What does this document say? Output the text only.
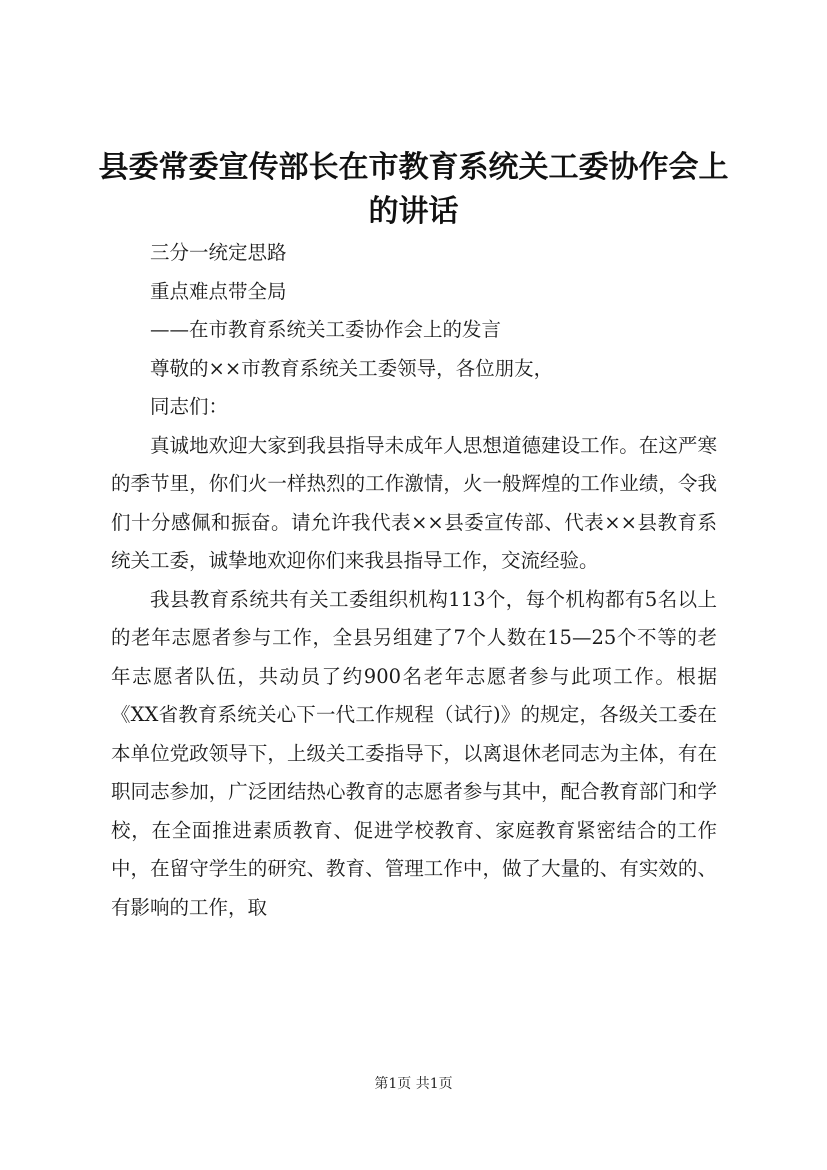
县委常委宣传部长在市教育系统关工委协作会上的讲话

三分一统定思路

重点难点带全局

——在市教育系统关工委协作会上的发言

尊敬的××市教育系统关工委领导，各位朋友，

同志们：

真诚地欢迎大家到我县指导未成年人思想道德建设工作。在这严寒的季节里，你们火一样热烈的工作激情，火一般辉煌的工作业绩，令我们十分感佩和振奋。请允许我代表××县委宣传部、代表××县教育系统关工委，诚挚地欢迎你们来我县指导工作，交流经验。

我县教育系统共有关工委组织机构113个，每个机构都有5名以上的老年志愿者参与工作，全县另组建了7个人数在15—25个不等的老年志愿者队伍，共动员了约900名老年志愿者参与此项工作。根据《XX省教育系统关心下一代工作规程（试行)》的规定，各级关工委在本单位党政领导下，上级关工委指导下，以离退休老同志为主体，有在职同志参加，广泛团结热心教育的志愿者参与其中，配合教育部门和学校，在全面推进素质教育、促进学校教育、家庭教育紧密结合的工作中，在留守学生的研究、教育、管理工作中，做了大量的、有实效的、有影响的工作，取

第1页 共1页
